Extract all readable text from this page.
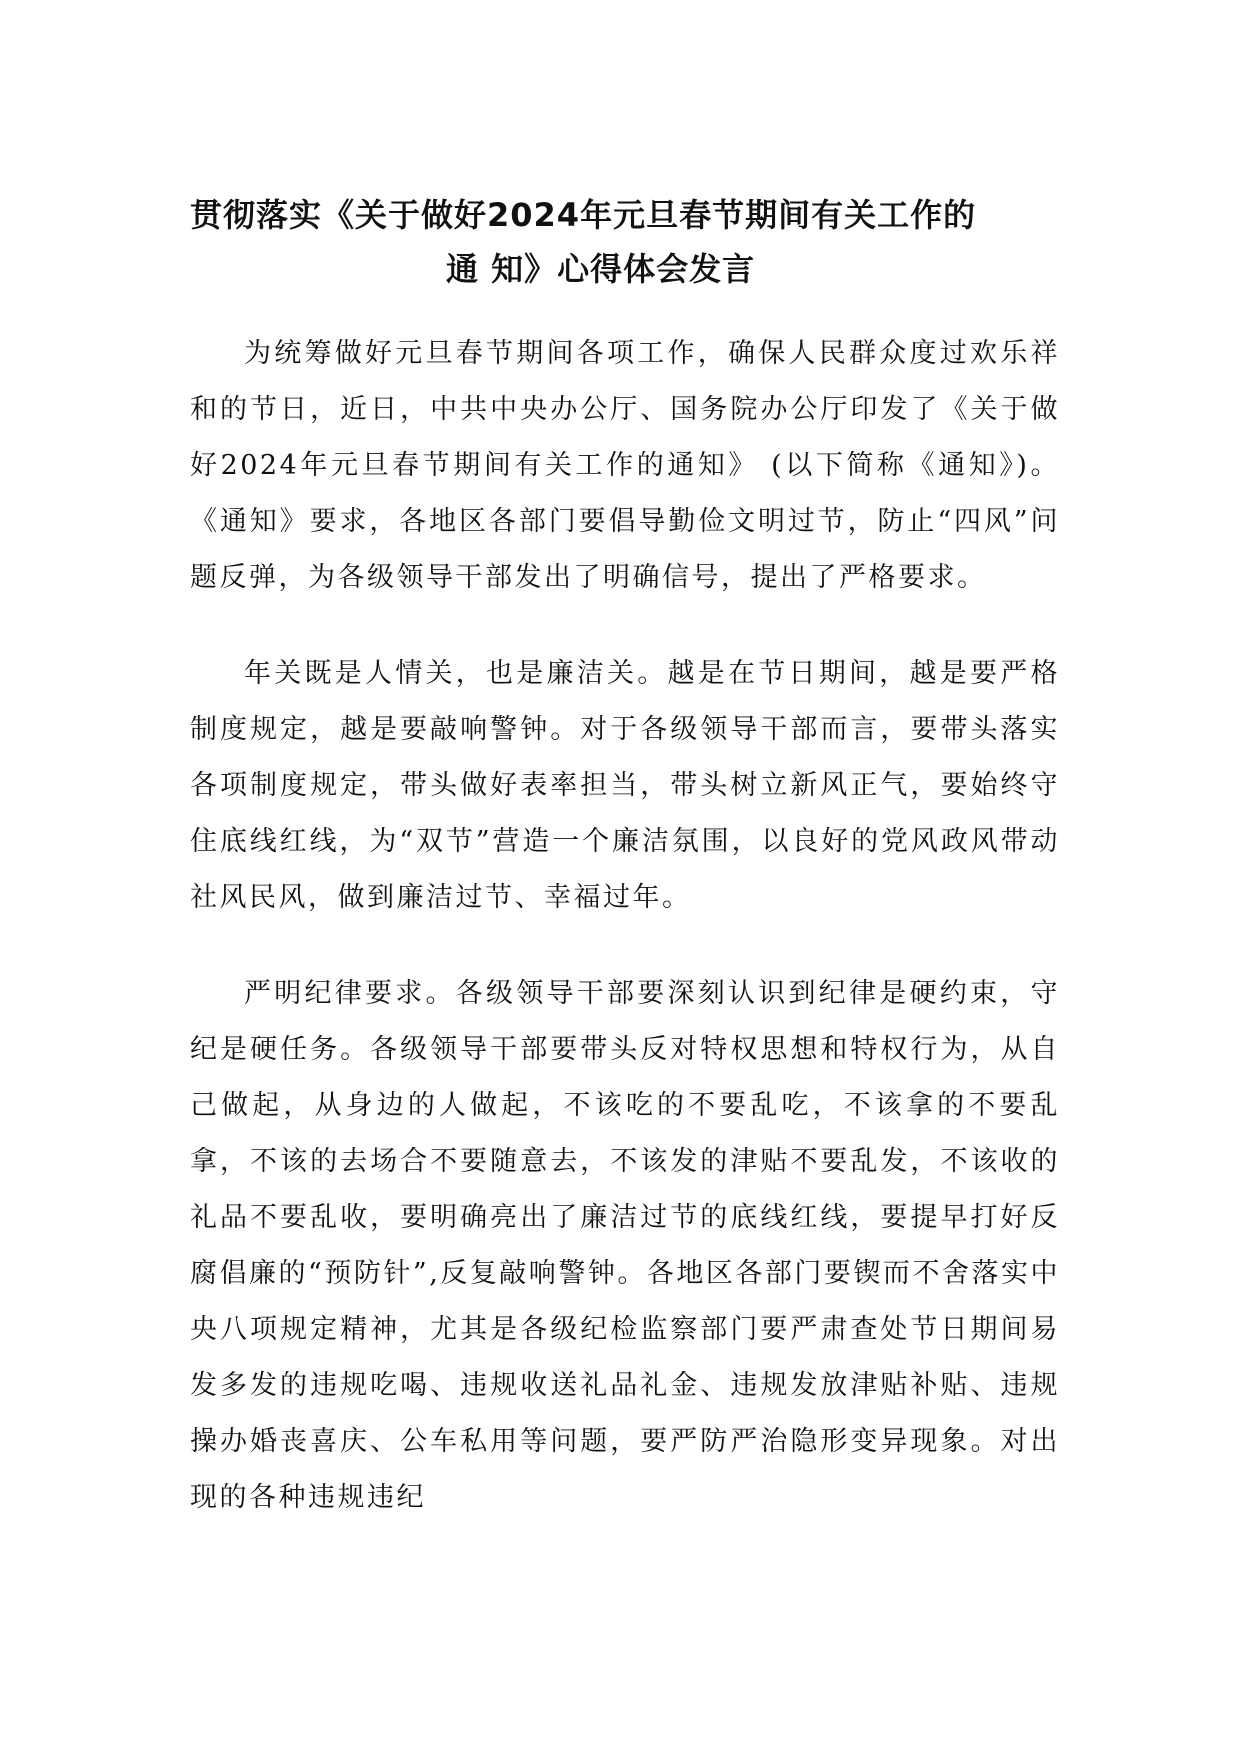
贯彻落实《关于做好2024年元旦春节期间有关工作的
通 知》心得体会发言

为统筹做好元旦春节期间各项工作，确保人民群众度过欢乐祥和的节日，近日，中共中央办公厅、国务院办公厅印发了《关于做好2024年元旦春节期间有关工作的通知》 (以下简称《通知》)。 《通知》要求，各地区各部门要倡导勤俭文明过节，防止“四风”问题反弹，为各级领导干部发出了明确信号，提出了严格要求。

年关既是人情关，也是廉洁关。越是在节日期间，越是要严格制度规定，越是要敲响警钟。对于各级领导干部而言，要带头落实各项制度规定，带头做好表率担当，带头树立新风正气，要始终守住底线红线，为“双节”营造一个廉洁氛围，以良好的党风政风带动社风民风，做到廉洁过节、幸福过年。

严明纪律要求。各级领导干部要深刻认识到纪律是硬约束，守纪是硬任务。各级领导干部要带头反对特权思想和特权行为，从自己做起，从身边的人做起，不该吃的不要乱吃，不该拿的不要乱拿，不该的去场合不要随意去，不该发的津贴不要乱发，不该收的礼品不要乱收，要明确亮出了廉洁过节的底线红线，要提早打好反腐倡廉的“预防针”,反复敲响警钟。各地区各部门要锲而不舍落实中央八项规定精神，尤其是各级纪检监察部门要严肃查处节日期间易发多发的违规吃喝、违规收送礼品礼金、违规发放津贴补贴、违规操办婚丧喜庆、公车私用等问题，要严防严治隐形变异现象。对出现的各种违规违纪
